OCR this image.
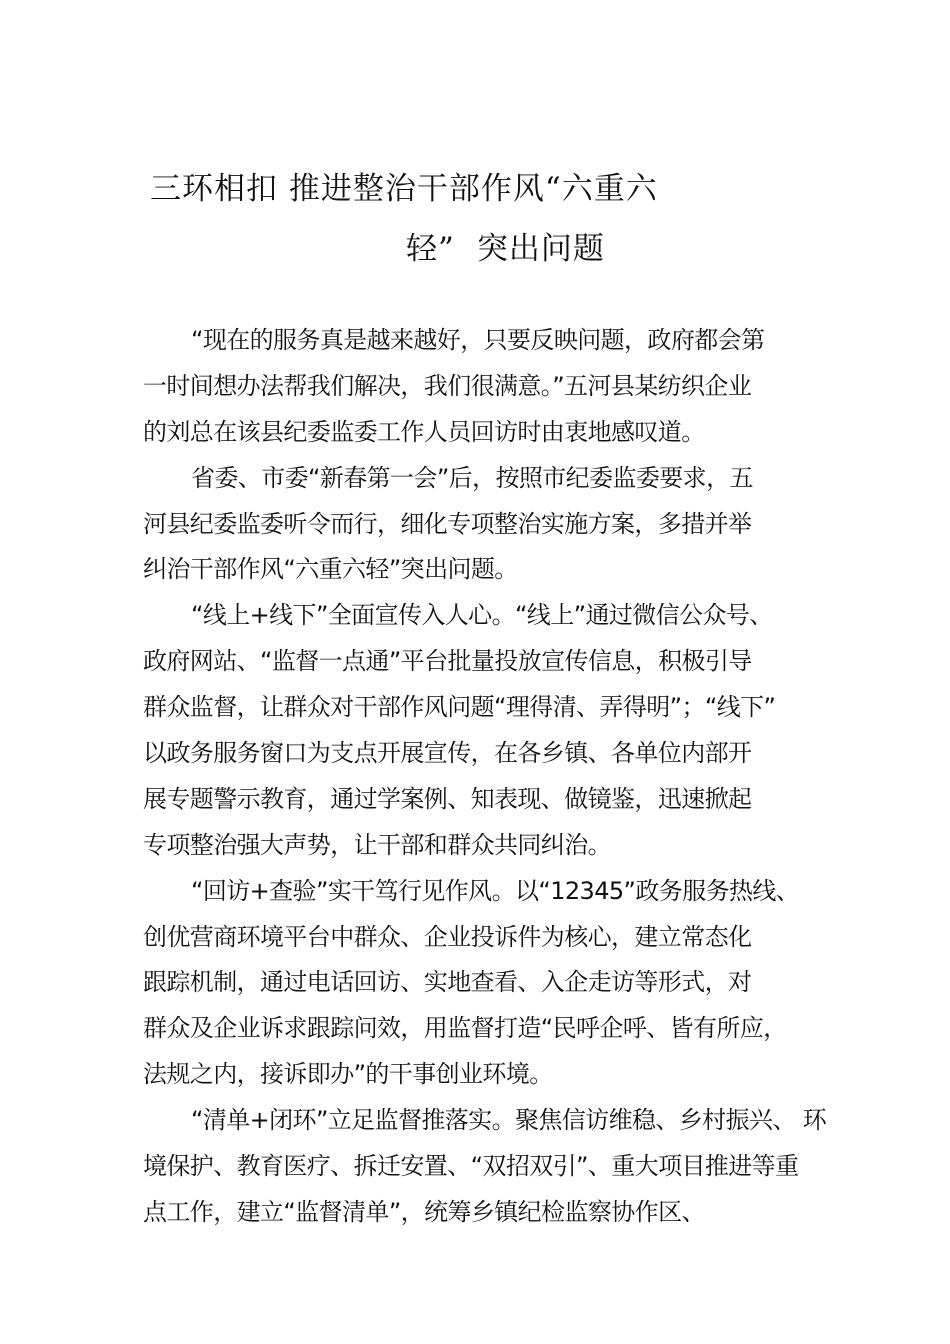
三环相扣 推进整治干部作风“六重六
轻” 突出问题

“现在的服务真是越来越好，只要反映问题，政府都会第
一时间想办法帮我们解决，我们很满意。”五河县某纺织企业
的刘总在该县纪委监委工作人员回访时由衷地感叹道。

省委、市委“新春第一会”后，按照市纪委监委要求，五
河县纪委监委听令而行，细化专项整治实施方案，多措并举
纠治干部作风“六重六轻”突出问题。

“线上+线下”全面宣传入人心。“线上”通过微信公众号、
政府网站、“监督一点通”平台批量投放宣传信息，积极引导
群众监督，让群众对干部作风问题“理得清、弄得明”；“线下”
以政务服务窗口为支点开展宣传，在各乡镇、各单位内部开
展专题警示教育，通过学案例、知表现、做镜鉴，迅速掀起
专项整治强大声势，让干部和群众共同纠治。

“回访+查验”实干笃行见作风。以“12345”政务服务热线、
创优营商环境平台中群众、企业投诉件为核心，建立常态化
跟踪机制，通过电话回访、实地查看、入企走访等形式，对
群众及企业诉求跟踪问效，用监督打造“民呼企呼、皆有所应，
法规之内，接诉即办”的干事创业环境。

“清单+闭环”立足监督推落实。聚焦信访维稳、乡村振兴、 环
境保护、教育医疗、拆迁安置、“双招双引”、重大项目推进等重
点工作，建立“监督清单”，统筹乡镇纪检监察协作区、
